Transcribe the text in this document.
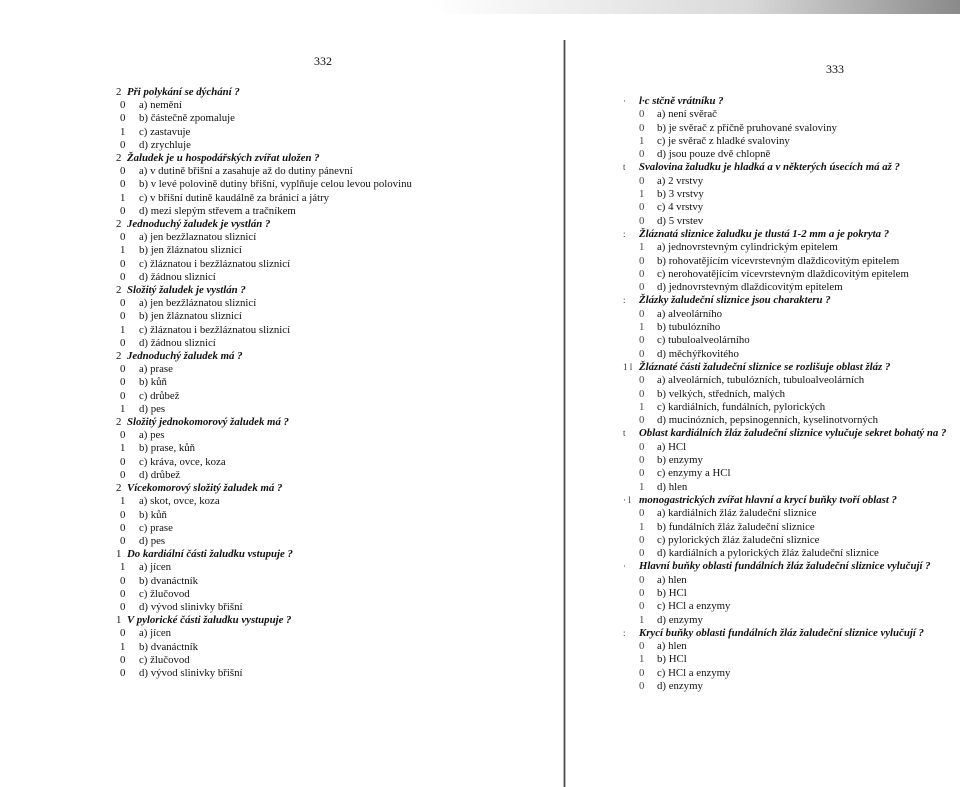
332
333
2 Při polykání se dýchání ?
0 a) nemění
0 b) částečně zpomaluje
1 c) zastavuje
0 d) zrychluje
2 Žaludek je u hospodářských zvířat uložen ?
0 a) v dutině břišní a zasahuje až do dutiny pánevní
0 b) v levé polovině dutiny břišní, vyplňuje celou levou polovinu
1 c) v břišní dutině kaudálně za bránicí a játry
0 d) mezi slepým střevem a tračníkem
2 Jednoduchý žaludek je vystlán ?
0 a) jen bezžlaznatou sliznicí
1 b) jen žláznatou sliznicí
0 c) žláznatou i bezžláznatou sliznicí
0 d) žádnou sliznicí
2 Složitý žaludek je vystlán ?
0 a) jen bezžláznatou sliznicí
0 b) jen žláznatou sliznicí
1 c) žláznatou i bezžláznatou sliznicí
0 d) žádnou sliznicí
2 Jednoduchý žaludek má ?
0 a) prase
0 b) kůň
0 c) drůbež
1 d) pes
2 Složitý jednokomorový žaludek má ?
0 a) pes
1 b) prase, kůň
0 c) kráva, ovce, koza
0 d) drůbež
2 Vícekomorový složitý žaludek má ?
1 a) skot, ovce, koza
0 b) kůň
0 c) prase
0 d) pes
1 Do kardiální části žaludku vstupuje ?
1 a) jícen
0 b) dvanáctník
0 c) žlučovod
0 d) vývod slinivky břišní
1 V pylorické části žaludku vystupuje ?
0 a) jícen
1 b) dvanáctník
0 c) žlučovod
0 d) vývod slinivky břišní
· l·c stčně vrátníku ?
0 a) není svěrač
0 b) je svěrač z příčně pruhované svaloviny
1 c) je svěrač z hladké svaloviny
0 d) jsou pouze dvě chlopně
t Svalovina žaludku je hladká a v některých úsecích má až ?
0 a) 2 vrstvy
1 b) 3 vrstvy
0 c) 4 vrstvy
0 d) 5 vrstev
: Žláznatá sliznice žaludku je tlustá 1-2 mm a je pokryta ?
1 a) jednovrstevným cylindrickým epitelem
0 b) rohovatějícím vícevrstevným dlaždicovitým epitelem
0 c) nerohovatějícím vícevrstevným dlaždicovitým epitelem
0 d) jednovrstevným dlaždicovitým epitelem
: Žlázky žaludeční sliznice jsou charakteru ?
0 a) alveolárního
1 b) tubulózního
0 c) tubuloalveolárního
0 d) měchýřkovitého
1 l Žláznaté části žaludeční sliznice se rozlišuje oblast žláz ?
0 a) alveolárních, tubulózních, tubuloalveolárních
0 b) velkých, středních, malých
1 c) kardiálních, fundálních, pylorických
0 d) mucinózních, pepsinogenních, kyselinotvorných
t Oblast kardiálních žláz žaludeční sliznice vylučuje sekret bohatý na ?
0 a) HCl
0 b) enzymy
0 c) enzymy a HCl
1 d) hlen
· l monogastrických zvířat hlavní a krycí buňky tvoří oblast ?
0 a) kardiálních žláz žaludeční sliznice
1 b) fundálních žláz žaludeční sliznice
0 c) pylorických žláz žaludeční sliznice
0 d) kardiálních a pylorických žláz žaludeční sliznice
· Hlavní buňky oblasti fundálních žláz žaludeční sliznice vylučují ?
0 a) hlen
0 b) HCl
0 c) HCl a enzymy
1 d) enzymy
: Krycí buňky oblasti fundálních žláz žaludeční sliznice vylučují ?
0 a) hlen
1 b) HCl
0 c) HCl a enzymy
0 d) enzymy
